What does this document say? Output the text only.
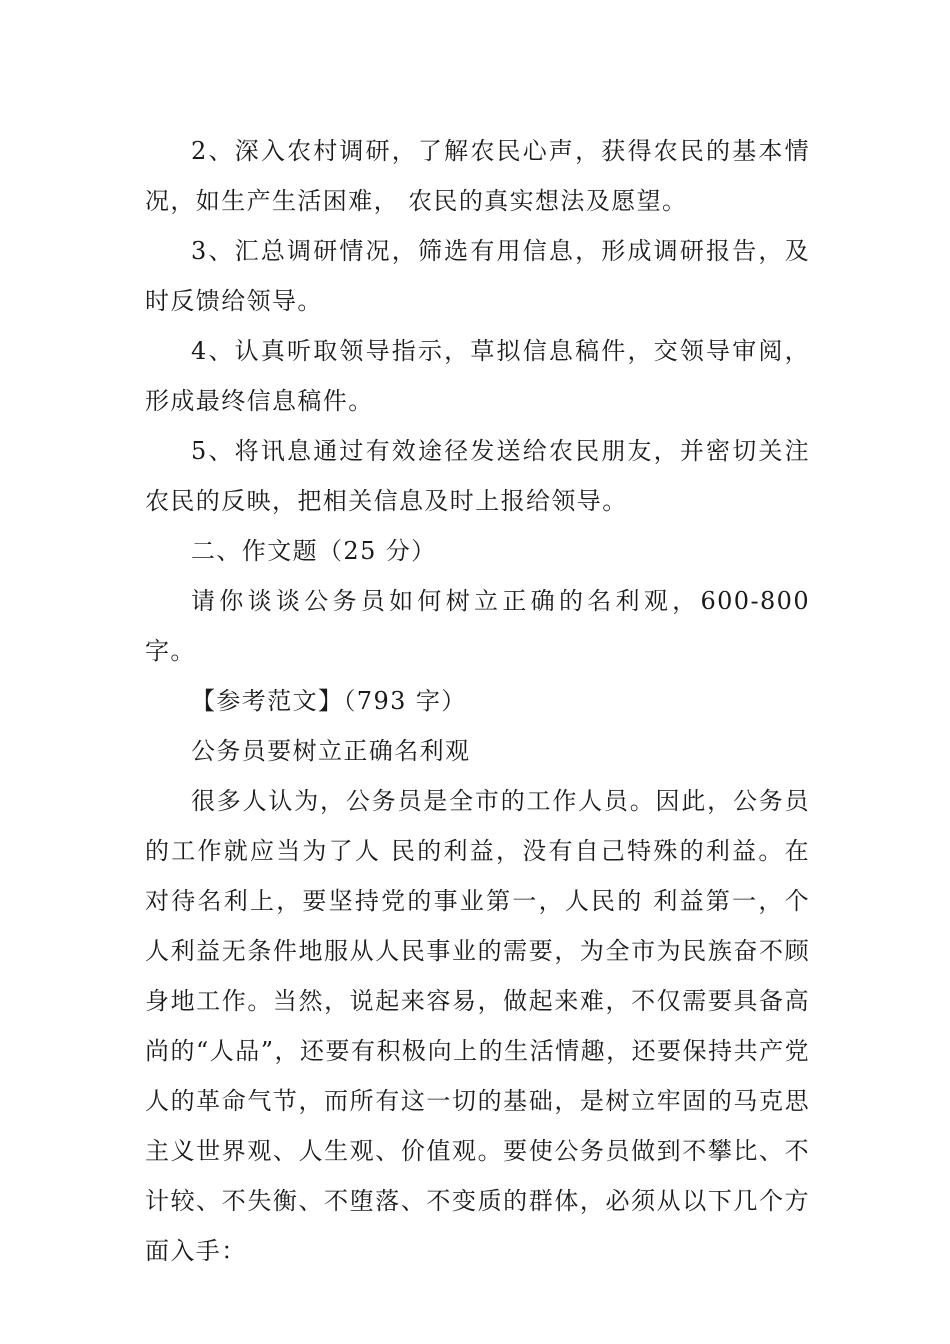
2、深入农村调研，了解农民心声，获得农民的基本情况，如生产生活困难， 农民的真实想法及愿望。

3、汇总调研情况，筛选有用信息，形成调研报告，及时反馈给领导。

4、认真听取领导指示，草拟信息稿件，交领导审阅，形成最终信息稿件。

5、将讯息通过有效途径发送给农民朋友，并密切关注农民的反映，把相关信息及时上报给领导。

二、作文题（25 分）

请你谈谈公务员如何树立正确的名利观，600-800 字。

【参考范文】（793 字）

公务员要树立正确名利观

很多人认为，公务员是全市的工作人员。因此，公务员的工作就应当为了人 民的利益，没有自己特殊的利益。在对待名利上，要坚持党的事业第一，人民的 利益第一，个人利益无条件地服从人民事业的需要，为全市为民族奋不顾身地工作。当然，说起来容易，做起来难，不仅需要具备高尚的“人品”，还要有积极向上的生活情趣，还要保持共产党人的革命气节，而所有这一切的基础，是树立牢固的马克思主义世界观、人生观、价值观。要使公务员做到不攀比、不计较、不失衡、不堕落、不变质的群体，必须从以下几个方面入手：
